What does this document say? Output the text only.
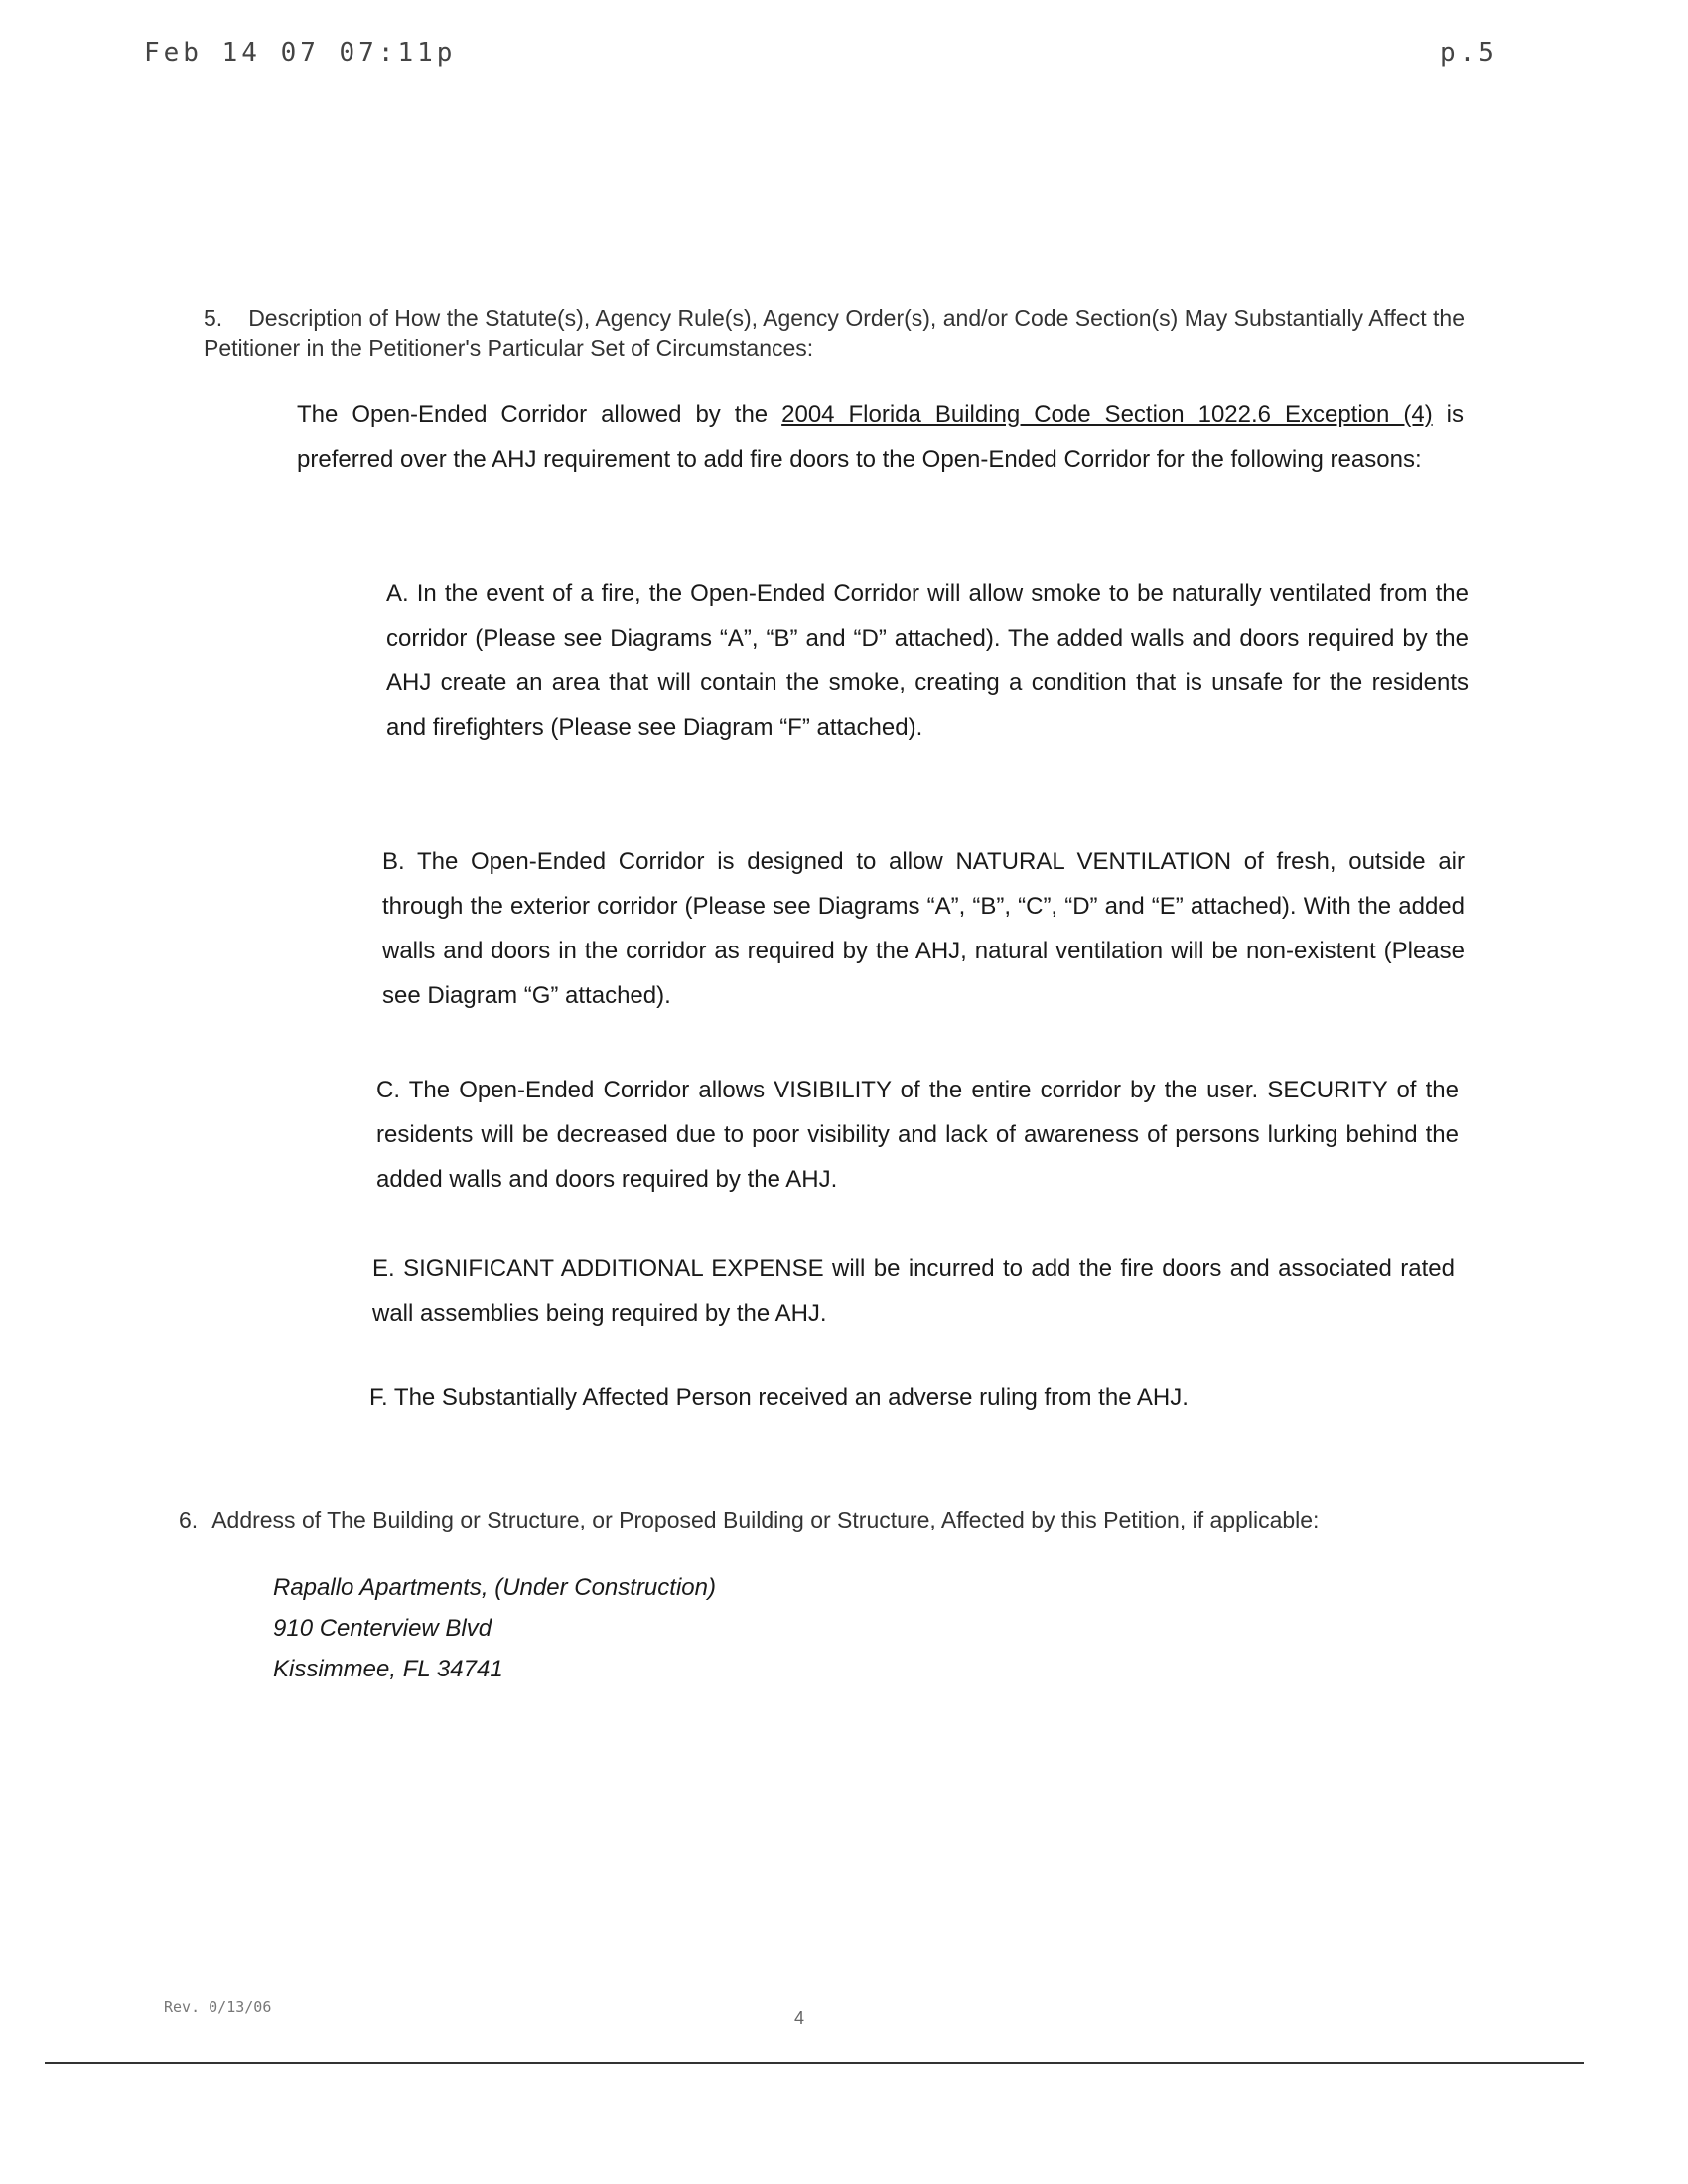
Feb 14 07 07:11p	p.5
5. Description of How the Statute(s), Agency Rule(s), Agency Order(s), and/or Code Section(s) May Substantially Affect the Petitioner in the Petitioner's Particular Set of Circumstances:
The Open-Ended Corridor allowed by the 2004 Florida Building Code Section 1022.6 Exception (4) is preferred over the AHJ requirement to add fire doors to the Open-Ended Corridor for the following reasons:
A. In the event of a fire, the Open-Ended Corridor will allow smoke to be naturally ventilated from the corridor (Please see Diagrams “A”, “B” and “D” attached). The added walls and doors required by the AHJ create an area that will contain the smoke, creating a condition that is unsafe for the residents and firefighters (Please see Diagram “F” attached).
B. The Open-Ended Corridor is designed to allow NATURAL VENTILATION of fresh, outside air through the exterior corridor (Please see Diagrams “A”, “B”, “C”, “D” and “E” attached). With the added walls and doors in the corridor as required by the AHJ, natural ventilation will be non-existent (Please see Diagram “G” attached).
C. The Open-Ended Corridor allows VISIBILITY of the entire corridor by the user. SECURITY of the residents will be decreased due to poor visibility and lack of awareness of persons lurking behind the added walls and doors required by the AHJ.
E. SIGNIFICANT ADDITIONAL EXPENSE will be incurred to add the fire doors and associated rated wall assemblies being required by the AHJ.
F. The Substantially Affected Person received an adverse ruling from the AHJ.
6. Address of The Building or Structure, or Proposed Building or Structure, Affected by this Petition, if applicable:
Rapallo Apartments, (Under Construction)
910 Centerview Blvd
Kissimmee, FL 34741
Rev. 0/13/06
4
